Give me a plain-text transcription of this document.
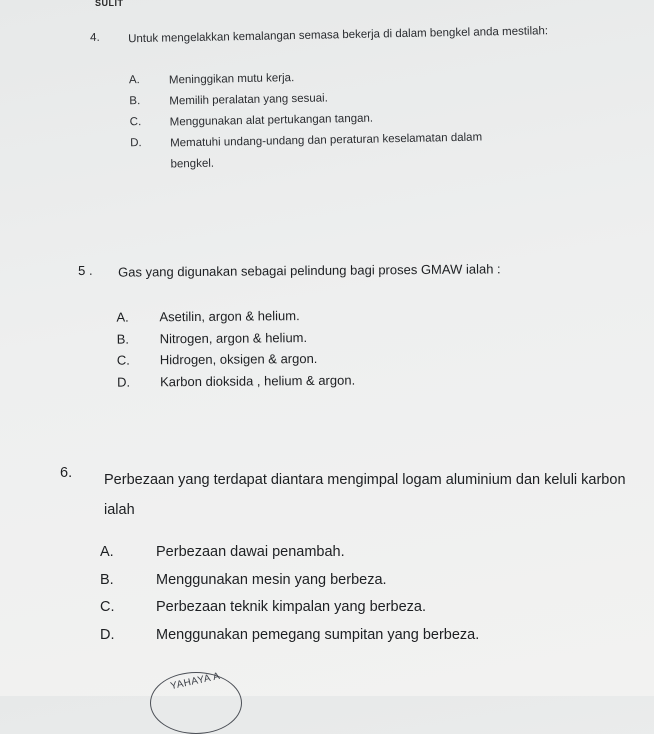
SULIT
4.	Untuk mengelakkan kemalangan semasa bekerja di dalam bengkel anda mestilah:
A.	Meninggikan mutu kerja.
B.	Memilih peralatan yang sesuai.
C.	Menggunakan alat pertukangan tangan.
D.	Mematuhi undang-undang dan peraturan keselamatan dalam bengkel.
5 .	Gas yang digunakan sebagai pelindung bagi proses GMAW ialah :
A.	Asetilin, argon & helium.
B.	Nitrogen, argon & helium.
C.	Hidrogen, oksigen & argon.
D.	Karbon dioksida , helium & argon.
6.	Perbezaan yang terdapat diantara mengimpal logam aluminium dan keluli karbon ialah
A.	Perbezaan dawai penambah.
B.	Menggunakan mesin yang berbeza.
C.	Perbezaan teknik kimpalan yang berbeza.
D.	Menggunakan pemegang sumpitan yang berbeza.
YAHAYA A
